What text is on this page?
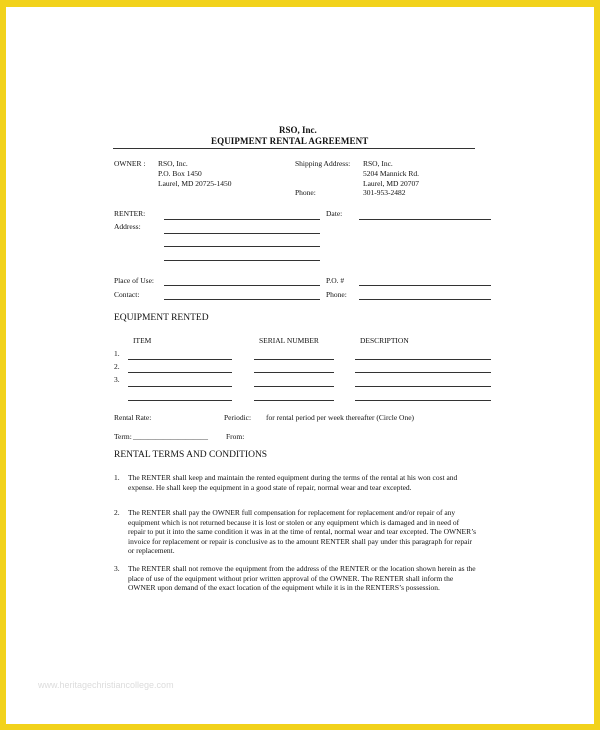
RSO, Inc.
EQUIPMENT RENTAL AGREEMENT
OWNER : RSO, Inc.
P.O. Box 1450
Laurel, MD 20725-1450
Shipping Address: RSO, Inc.
5204 Mannick Rd.
Laurel, MD 20707
Phone:	301-953-2482
RENTER:	Date:
Address:
Place of Use:	P.O. #
Contact:	Phone:
EQUIPMENT RENTED
ITEM	SERIAL NUMBER	DESCRIPTION
1.
2.
3.
Rental Rate:	Periodic: for rental period per week thereafter (Circle One)
Term: ____________________ From:
RENTAL TERMS AND CONDITIONS
1. The RENTER shall keep and maintain the rented equipment during the terms of the rental at his won cost and expense. He shall keep the equipment in a good state of repair, normal wear and tear excepted.
2. The RENTER shall pay the OWNER full compensation for replacement for replacement and/or repair of any equipment which is not returned because it is lost or stolen or any equipment which is damaged and in need of repair to put it into the same condition it was in at the time of rental, normal wear and tear excepted. The OWNER’s invoice for replacement or repair is conclusive as to the amount RENTER shall pay under this paragraph for repair or replacement.
3. The RENTER shall not remove the equipment from the address of the RENTER or the location shown herein as the place of use of the equipment without prior written approval of the OWNER. The RENTER shall inform the OWNER upon demand of the exact location of the equipment while it is in the RENTERS’s possession.
www.heritagechristiancollege.com
